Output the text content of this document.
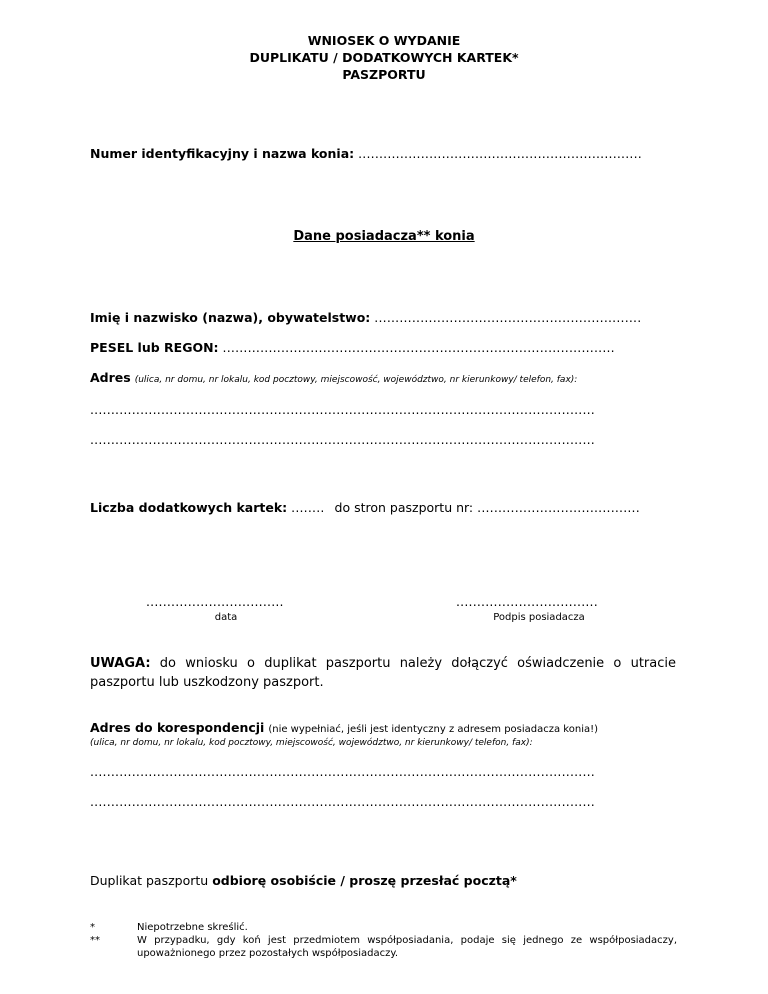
WNIOSEK O WYDANIE
DUPLIKATU / DODATKOWYCH KARTEK*
PASZPORTU
Numer identyfikacyjny i nazwa konia: ....................................................................
Dane posiadacza** konia
Imię i nazwisko (nazwa), obywatelstwo: ................................................................
PESEL lub REGON: ..............................................................................................
Adres (ulica, nr domu, nr lokalu, kod pocztowy, miejscowość, województwo, nr kierunkowy/ telefon, fax):
.........................................................................................................................
.........................................................................................................................
Liczba dodatkowych kartek: ........ do stron paszportu nr: .......................................
.................................
data
..................................
Podpis posiadacza
UWAGA: do wniosku o duplikat paszportu należy dołączyć oświadczenie o utracie paszportu lub uszkodzony paszport.
Adres do korespondencji (nie wypełniać, jeśli jest identyczny z adresem posiadacza konia!)
(ulica, nr domu, nr lokalu, kod pocztowy, miejscowość, województwo, nr kierunkowy/ telefon, fax):
.........................................................................................................................
.........................................................................................................................
Duplikat paszportu odbiorę osobiście / proszę przesłać pocztą*
*	Niepotrzebne skreślić.
**	W przypadku, gdy koń jest przedmiotem współposiadania, podaje się jednego ze współposiadaczy, upoważnionego przez pozostałych współposiadaczy.
